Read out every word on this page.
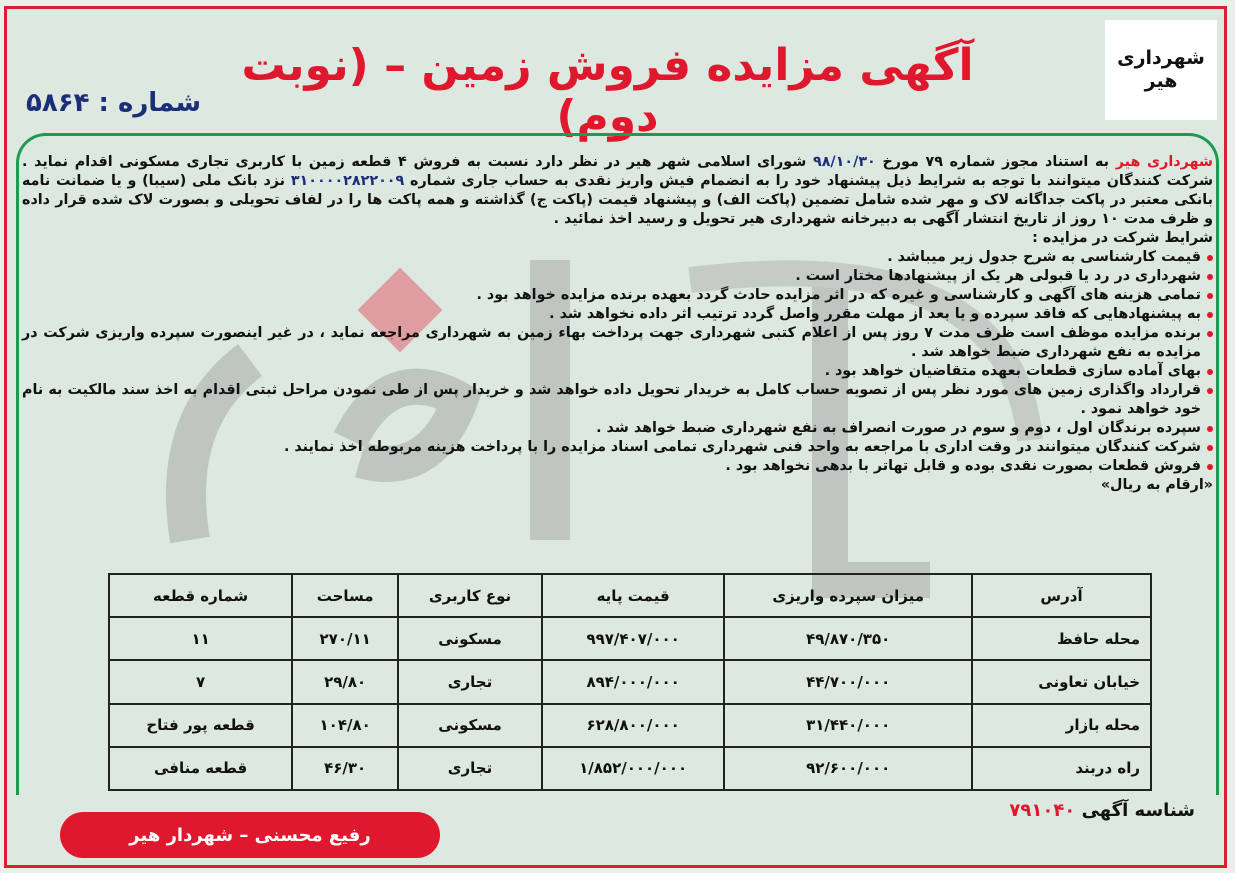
شهرداری
هیر
آگهی مزایده فروش زمین – (نوبت دوم)
شماره : ۵۸۶۴

شهرداری هیر به استناد مجوز شماره ۷۹ مورخ ۹۸/۱۰/۳۰ شورای اسلامی شهر هیر در نظر دارد نسبت به فروش ۴ قطعه زمین با کاربری تجاری مسکونی اقدام نماید . شرکت کنندگان میتوانند با توجه به شرایط ذیل پیشنهاد خود را به انضمام فیش واریز نقدی به حساب جاری شماره ۳۱۰۰۰۰۲۸۲۲۰۰۹ نزد بانک ملی (سیبا) و یا ضمانت نامه بانکی معتبر در پاکت جداگانه لاک و مهر شده شامل تضمین (پاکت الف) و پیشنهاد قیمت (پاکت ج) گذاشته و همه پاکت ها را در لفاف تحویلی و بصورت لاک شده قرار داده و ظرف مدت ۱۰ روز از تاریخ انتشار آگهی به دبیرخانه شهرداری هیر تحویل و رسید اخذ نمائید .

شرایط شرکت در مزایده :

قیمت کارشناسی به شرح جدول زیر میباشد .
شهرداری در رد یا قبولی هر یک از پیشنهادها مختار است .
تمامی هزینه های آگهی و کارشناسی و غیره که در اثر مزایده حادث گردد بعهده برنده مزایده خواهد بود .
به پیشنهادهایی که فاقد سپرده و یا بعد از مهلت مقرر واصل گردد ترتیب اثر داده نخواهد شد .
برنده مزایده موظف است ظرف مدت ۷ روز پس از اعلام کتبی شهرداری جهت پرداخت بهاء زمین به شهرداری مراجعه نماید ، در غیر اینصورت سپرده واریزی شرکت در مزایده به نفع شهرداری ضبط خواهد شد .
بهای آماده سازی قطعات بعهده متقاضیان خواهد بود .
قرارداد واگذاری زمین های مورد نظر پس از تصویه حساب کامل به خریدار تحویل داده خواهد شد و خریدار پس از طی نمودن مراحل ثبتی اقدام به اخذ سند مالکیت به نام خود خواهد نمود .
سپرده برندگان اول ، دوم و سوم در صورت انصراف به نفع شهرداری ضبط خواهد شد .
شرکت کنندگان میتوانند در وقت اداری با مراجعه به واحد فنی شهرداری تمامی اسناد مزایده را با پرداخت هزینه مربوطه اخذ نمایند .
فروش قطعات بصورت نقدی بوده و قابل تهاتر با بدهی نخواهد بود .

«ارقام به ریال»

آدرس	میزان سپرده واریزی	قیمت پایه	نوع کاربری	مساحت	شماره قطعه
محله حافظ	۴۹/۸۷۰/۳۵۰	۹۹۷/۴۰۷/۰۰۰	مسکونی	۲۷۰/۱۱	۱۱
خیابان تعاونی	۴۴/۷۰۰/۰۰۰	۸۹۴/۰۰۰/۰۰۰	تجاری	۲۹/۸۰	۷
محله بازار	۳۱/۴۴۰/۰۰۰	۶۲۸/۸۰۰/۰۰۰	مسکونی	۱۰۴/۸۰	قطعه پور فتاح
راه دربند	۹۲/۶۰۰/۰۰۰	۱/۸۵۲/۰۰۰/۰۰۰	تجاری	۴۶/۳۰	قطعه منافی
شناسه آگهی ۷۹۱۰۴۰
رفیع محسنی – شهردار هیر
